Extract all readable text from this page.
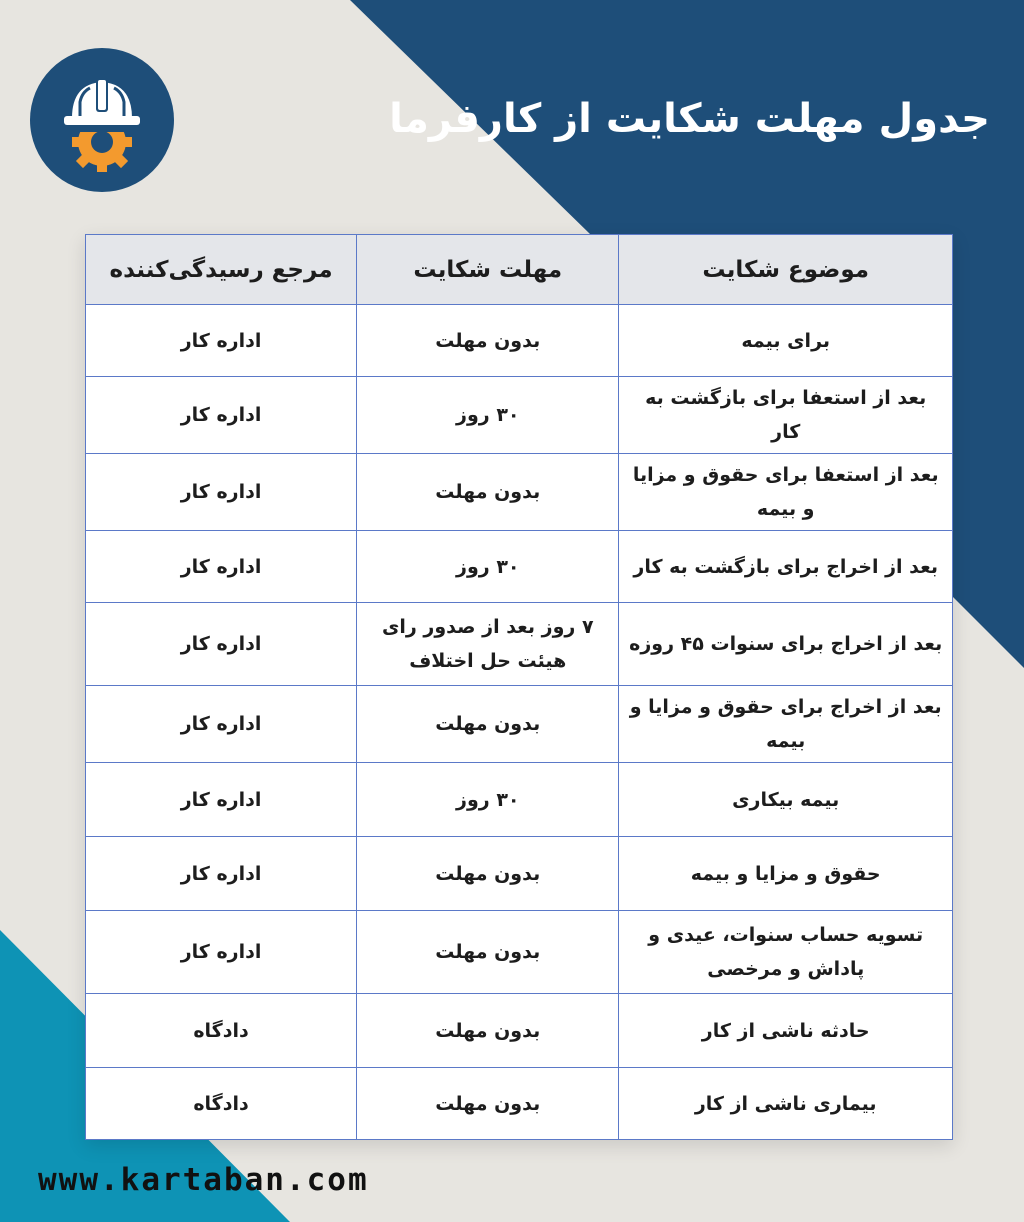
جدول مهلت شکایت از کارفرما
موضوع شکایت	مهلت شکایت	مرجع رسیدگی‌کننده
برای بیمه	بدون مهلت	اداره کار
بعد از استعفا برای بازگشت به کار	۳۰ روز	اداره کار
بعد از استعفا برای حقوق و مزایا و بیمه	بدون مهلت	اداره کار
بعد از اخراج برای بازگشت به کار	۳۰ روز	اداره کار
بعد از اخراج برای سنوات ۴۵ روزه	۷ روز بعد از صدور رای هیئت حل اختلاف	اداره کار
بعد از اخراج برای حقوق و مزایا و بیمه	بدون مهلت	اداره کار
بیمه بیکاری	۳۰ روز	اداره کار
حقوق و مزایا و بیمه	بدون مهلت	اداره کار
تسویه حساب سنوات، عیدی و پاداش و مرخصی	بدون مهلت	اداره کار
حادثه ناشی از کار	بدون مهلت	دادگاه
بیماری ناشی از کار	بدون مهلت	دادگاه
www.kartaban.com
